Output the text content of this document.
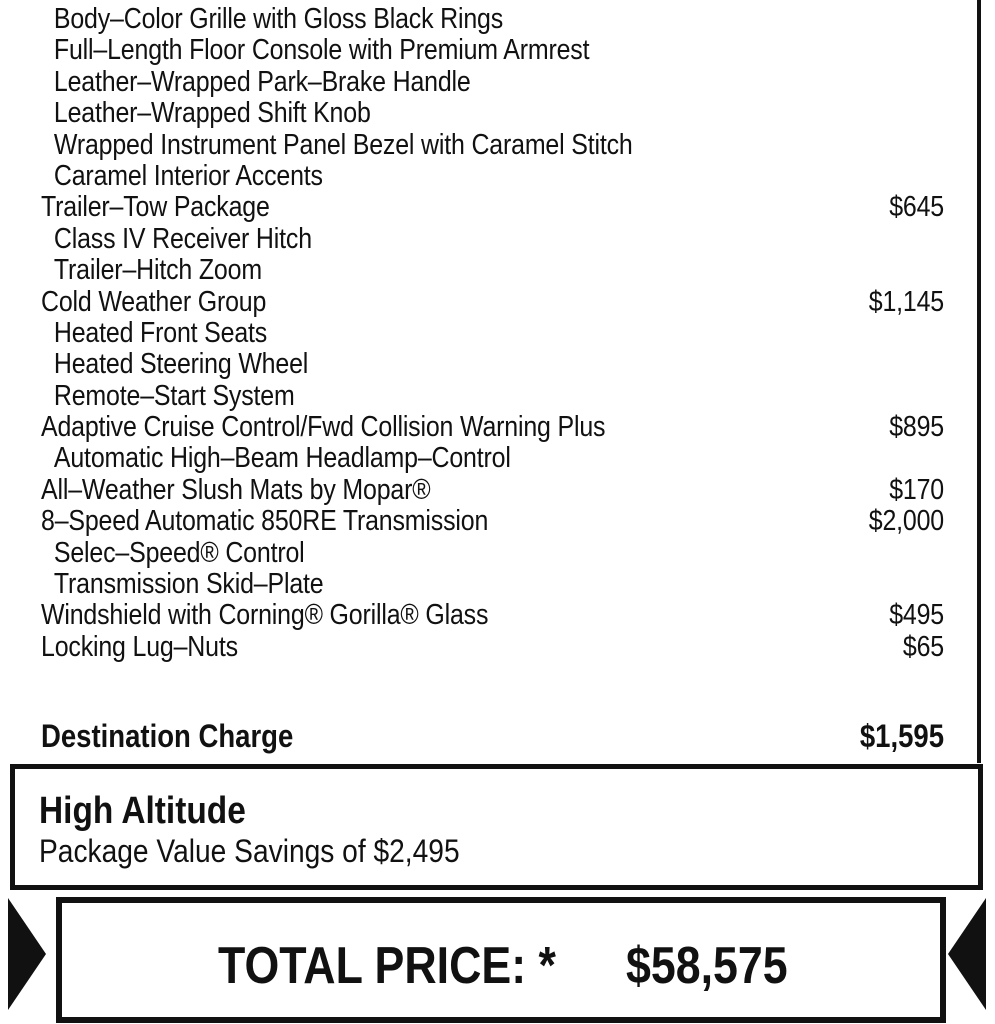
Body–Color Grille with Gloss Black Rings
Full–Length Floor Console with Premium Armrest
Leather–Wrapped Park–Brake Handle
Leather–Wrapped Shift Knob
Wrapped Instrument Panel Bezel with Caramel Stitch
Caramel Interior Accents
Trailer–Tow Package	$645
Class IV Receiver Hitch
Trailer–Hitch Zoom
Cold Weather Group	$1,145
Heated Front Seats
Heated Steering Wheel
Remote–Start System
Adaptive Cruise Control/Fwd Collision Warning Plus	$895
Automatic High–Beam Headlamp–Control
All–Weather Slush Mats by Mopar®	$170
8–Speed Automatic 850RE Transmission	$2,000
Selec–Speed® Control
Transmission Skid–Plate
Windshield with Corning® Gorilla® Glass	$495
Locking Lug–Nuts	$65
Destination Charge	$1,595
High Altitude
Package Value Savings of $2,495
TOTAL PRICE: * $58,575
